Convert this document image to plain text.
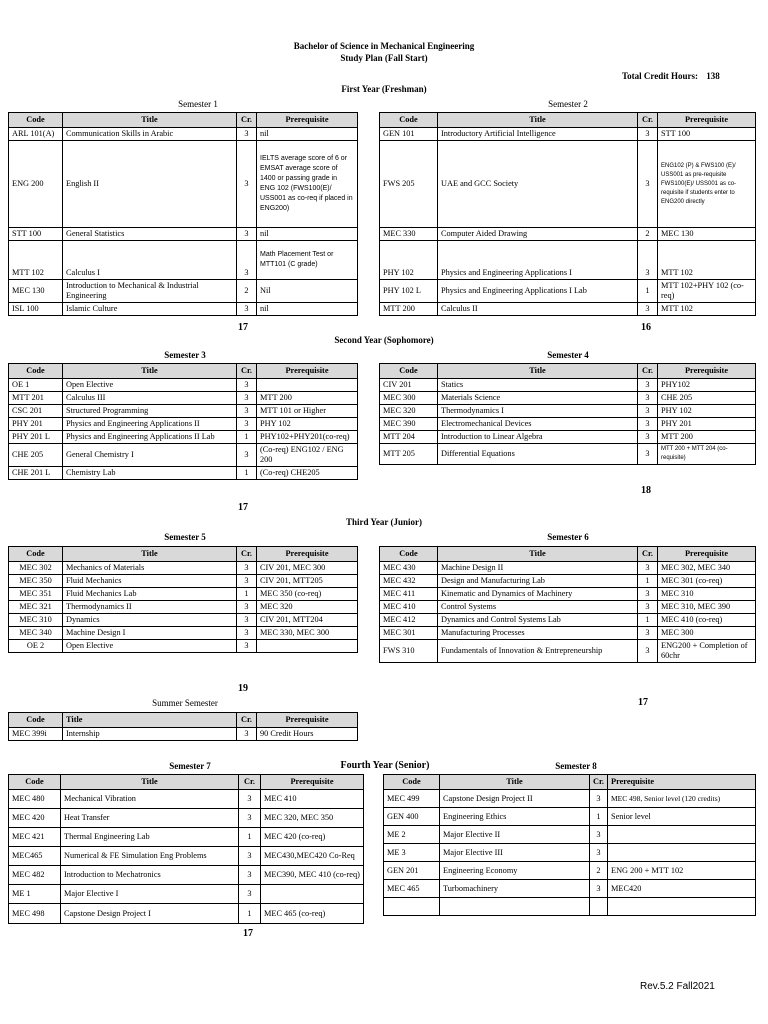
Bachelor of Science in Mechanical Engineering
Study Plan (Fall Start)
Total Credit Hours: 138
First Year (Freshman)
Semester 1	Semester 2
Code	Title	Cr.	Prerequisite
ARL 101(A)	Communication Skills in Arabic	3	nil
ENG 200	English II	3	IELTS average score of 6 or EMSAT average score of 1400 or passing grade in ENG 102 (FWS100(E)/ USS001 as co-req if placed in ENG200)
STT 100	General Statistics	3	nil
MTT 102	Calculus I	3	Math Placement Test or MTT101 (C grade)
MEC 130	Introduction to Mechanical & Industrial Engineering	2	Nil
ISL 100	Islamic Culture	3	nil
17
Code	Title	Cr.	Prerequisite
GEN 101	Introductory Artificial Intelligence	3	STT 100
FWS 205	UAE and GCC Society	3	ENG102 (P) & FWS100 (E)/ USS001 as pre-requisite FWS100(E)/ USS001 as co-requisite if students enter to ENG200 directly
MEC 330	Computer Aided Drawing	2	MEC 130
PHY 102	Physics and Engineering Applications I	3	MTT 102
PHY 102 L	Physics and Engineering Applications I Lab	1	MTT 102+PHY 102 (co-req)
MTT 200	Calculus II	3	MTT 102
16
Second Year (Sophomore)
Semester 3	Semester 4
Code	Title	Cr.	Prerequisite
OE 1	Open Elective	3	
MTT 201	Calculus III	3	MTT 200
CSC 201	Structured Programming	3	MTT 101 or Higher
PHY 201	Physics and Engineering Applications II	3	PHY 102
PHY 201 L	Physics and Engineering Applications II Lab	1	PHY102+PHY201(co-req)
CHE 205	General Chemistry I	3	(Co-req) ENG102 / ENG 200
CHE 201 L	Chemistry Lab	1	(Co-req) CHE205
17
Code	Title	Cr.	Prerequisite
CIV 201	Statics	3	PHY102
MEC 300	Materials Science	3	CHE 205
MEC 320	Thermodynamics I	3	PHY 102
MEC 390	Electromechanical Devices	3	PHY 201
MTT 204	Introduction to Linear Algebra	3	MTT 200
MTT 205	Differential Equations	3	MTT 200 + MTT 204 (co-requisite)
18
Third Year (Junior)
Semester 5	Semester 6
Code	Title	Cr.	Prerequisite
MEC 302	Mechanics of Materials	3	CIV 201, MEC 300
MEC 350	Fluid Mechanics	3	CIV 201, MTT205
MEC 351	Fluid Mechanics Lab	1	MEC 350 (co-req)
MEC 321	Thermodynamics II	3	MEC 320
MEC 310	Dynamics	3	CIV 201, MTT204
MEC 340	Machine Design I	3	MEC 330, MEC 300
OE 2	Open Elective	3	
19
Code	Title	Cr.	Prerequisite
MEC 430	Machine Design II	3	MEC 302, MEC 340
MEC 432	Design and Manufacturing Lab	1	MEC 301 (co-req)
MEC 411	Kinematic and Dynamics of Machinery	3	MEC 310
MEC 410	Control Systems	3	MEC 310, MEC 390
MEC 412	Dynamics and Control Systems Lab	1	MEC 410 (co-req)
MEC 301	Manufacturing Processes	3	MEC 300
FWS 310	Fundamentals of Innovation & Entrepreneurship	3	ENG200 + Completion of 60chr
17
Summer Semester
Code	Title	Cr.	Prerequisite
MEC 399i	Internship	3	90 Credit Hours
Semester 7	Fourth Year (Senior)	Semester 8
Code	Title	Cr.	Prerequisite
MEC 480	Mechanical Vibration	3	MEC 410
MEC 420	Heat Transfer	3	MEC 320, MEC 350
MEC 421	Thermal Engineering Lab	1	MEC 420 (co-req)
MEC465	Numerical & FE Simulation Eng Problems	3	MEC430,MEC420 Co-Req
MEC 482	Introduction to Mechatronics	3	MEC390, MEC 410 (co-req)
ME 1	Major Elective I	3	
MEC 498	Capstone Design Project I	1	MEC 465 (co-req)
17
Code	Title	Cr.	Prerequisite
MEC 499	Capstone Design Project II	3	MEC 498, Senior level (120 credits)
GEN 400	Engineering Ethics	1	Senior level
ME 2	Major Elective II	3	
ME 3	Major Elective III	3	
GEN 201	Engineering Economy	2	ENG 200 + MTT 102
MEC 465	Turbomachinery	3	MEC420

Rev.5.2 Fall2021
